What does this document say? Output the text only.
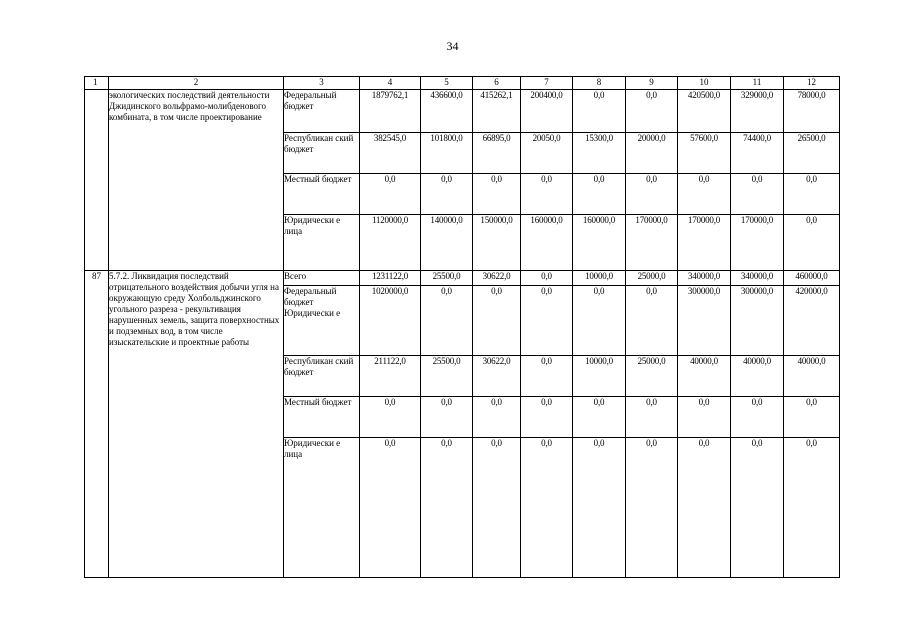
34
1	2	3	4	5	6	7	8	9	10	11	12
	экологических последствий деятельности Джидинского вольфрамо-молибденового комбината, в том числе проектирование	Федеральный бюджет	1879762,1	436600,0	415262,1	200400,0	0,0	0,0	420500,0	329000,0	78000,0
		Республикан ский бюджет	382545,0	101800,0	66895,0	20050,0	15300,0	20000,0	57600,0	74400,0	26500,0
		Местный бюджет	0,0	0,0	0,0	0,0	0,0	0,0	0,0	0,0	0,0
		Юридически е лица	1120000,0	140000,0	150000,0	160000,0	160000,0	170000,0	170000,0	170000,0	0,0
87	5.7.2. Ликвидация последствий отрицательного воздействия добычи угля на окружающую среду Холбольджинского угольного разреза - рекультивация нарушенных земель, защита поверхностных и подземных вод, в том числе изыскательские и проектные работы	Всего	1231122,0	25500,0	30622,0	0,0	10000,0	25000,0	340000,0	340000,0	460000,0
		Федеральный бюджет Юридически е	1020000,0	0,0	0,0	0,0	0,0	0,0	300000,0	300000,0	420000,0
		Республикан ский бюджет	211122,0	25500,0	30622,0	0,0	10000,0	25000,0	40000,0	40000,0	40000,0
		Местный бюджет	0,0	0,0	0,0	0,0	0,0	0,0	0,0	0,0	0,0
		Юридически е лица	0,0	0,0	0,0	0,0	0,0	0,0	0,0	0,0	0,0
